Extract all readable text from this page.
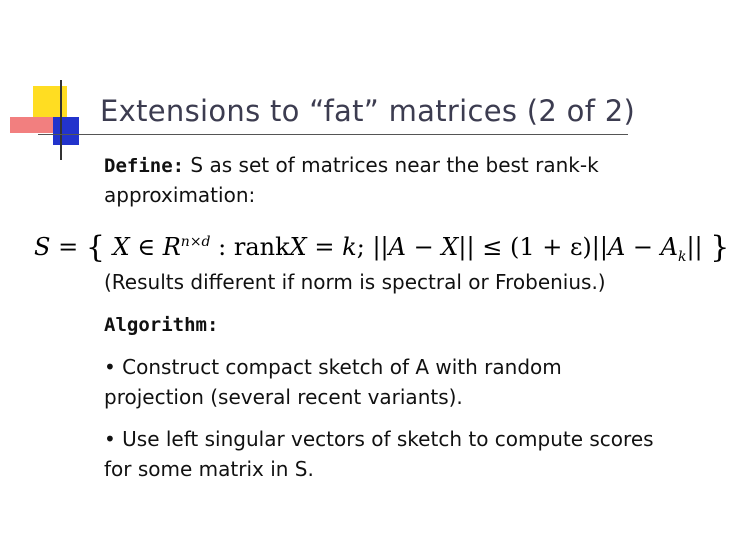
Extensions to “fat” matrices (2 of 2)

Define: S as set of matrices near the best rank-k

approximation:

S = { X ∈ $R^{n\times d}$ : rankX = k; $||A - X|| \le (1 + \varepsilon)||A - A_k||$ }

(Results different if norm is spectral or Frobenius.)

Algorithm:

• Construct compact sketch of A with random projection (several recent variants).

• Use left singular vectors of sketch to compute scores for some matrix in S.
